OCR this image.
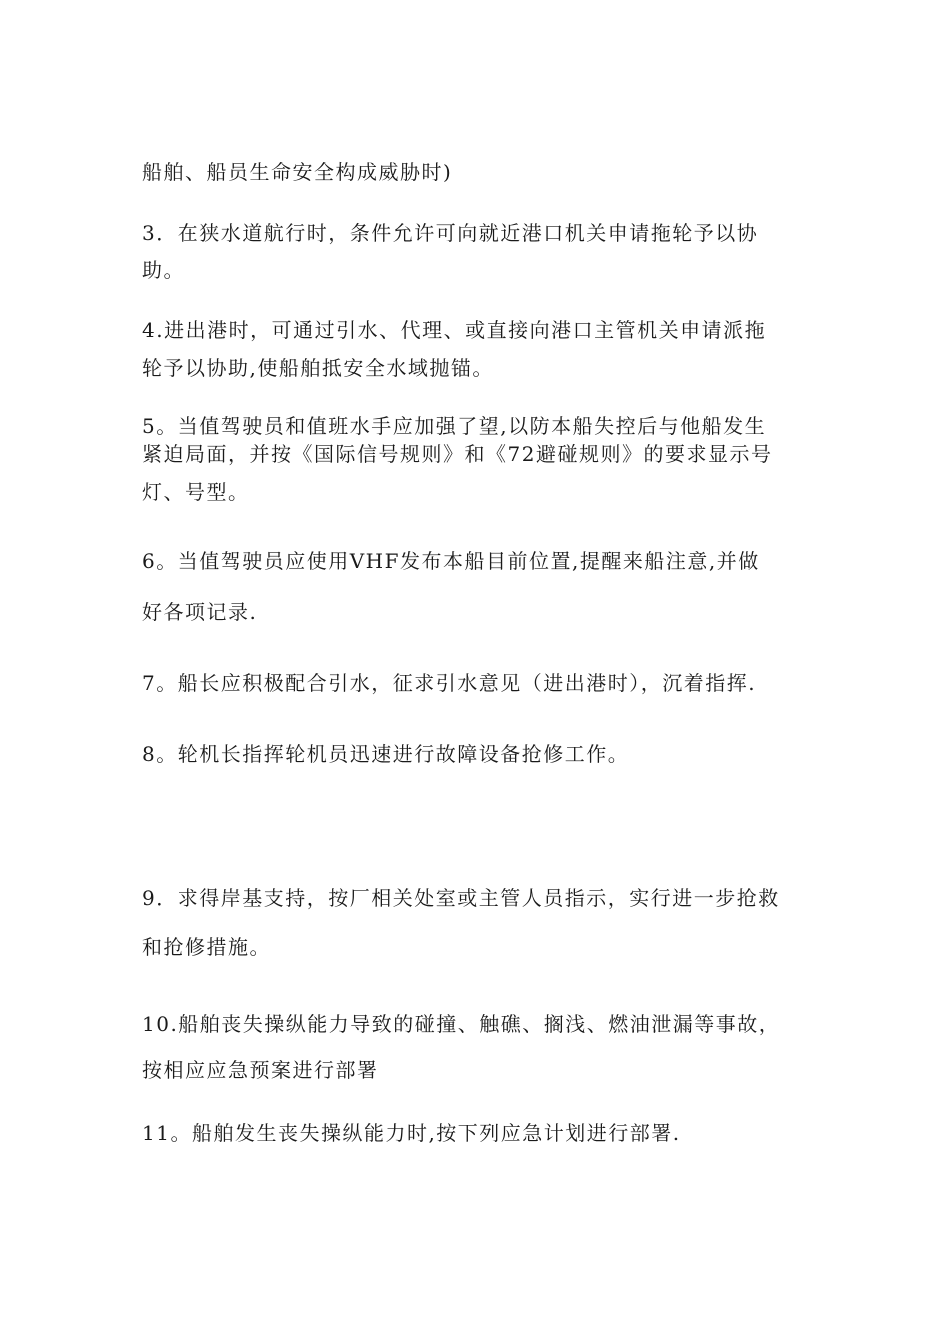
船舶、船员生命安全构成威胁时)
3．在狭水道航行时，条件允许可向就近港口机关申请拖轮予以协
助。
4.进出港时，可通过引水、代理、或直接向港口主管机关申请派拖
轮予以协助,使船舶抵安全水域抛锚。
5。当值驾驶员和值班水手应加强了望,以防本船失控后与他船发生
紧迫局面，并按《国际信号规则》和《72避碰规则》的要求显示号
灯、号型。
6。当值驾驶员应使用VHF发布本船目前位置,提醒来船注意,并做
好各项记录.
7。船长应积极配合引水，征求引水意见（进出港时），沉着指挥.
8。轮机长指挥轮机员迅速进行故障设备抢修工作。
9．求得岸基支持，按厂相关处室或主管人员指示，实行进一步抢救
和抢修措施。
10.船舶丧失操纵能力导致的碰撞、触礁、搁浅、燃油泄漏等事故，
按相应应急预案进行部署
11。船舶发生丧失操纵能力时,按下列应急计划进行部署.
